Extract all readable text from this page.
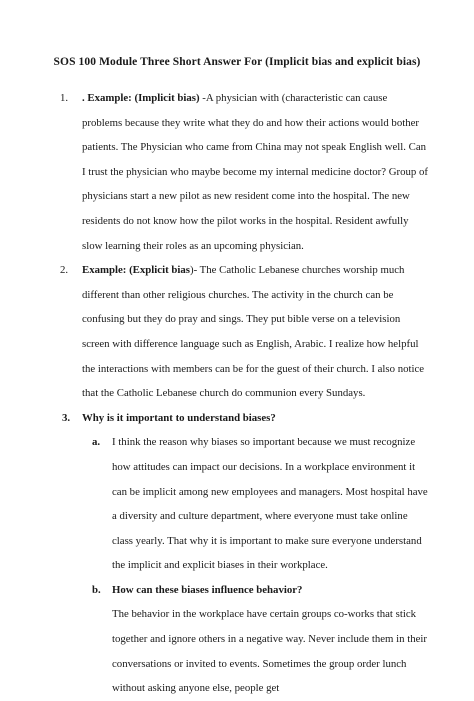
SOS 100 Module Three Short Answer For (Implicit bias and explicit bias)
1. . Example: (Implicit bias) -A physician with (characteristic can cause problems because they write what they do and how their actions would bother patients. The Physician who came from China may not speak English well. Can I trust the physician who maybe become my internal medicine doctor? Group of physicians start a new pilot as new resident come into the hospital. The new residents do not know how the pilot works in the hospital. Resident awfully slow learning their roles as an upcoming physician.

2. Example: (Explicit bias)- The Catholic Lebanese churches worship much different than other religious churches. The activity in the church can be confusing but they do pray and sings. They put bible verse on a television screen with difference language such as English, Arabic. I realize how helpful the interactions with members can be for the guest of their church. I also notice that the Catholic Lebanese church do communion every Sundays.

3. Why is it important to understand biases?

a. I think the reason why biases so important because we must recognize how attitudes can impact our decisions. In a workplace environment it can be implicit among new employees and managers. Most hospital have a diversity and culture department, where everyone must take online class yearly. That why it is important to make sure everyone understand the implicit and explicit biases in their workplace.

b. How can these biases influence behavior?

The behavior in the workplace have certain groups co-works that stick together and ignore others in a negative way. Never include them in their conversations or invited to events. Sometimes the group order lunch without asking anyone else, people get
